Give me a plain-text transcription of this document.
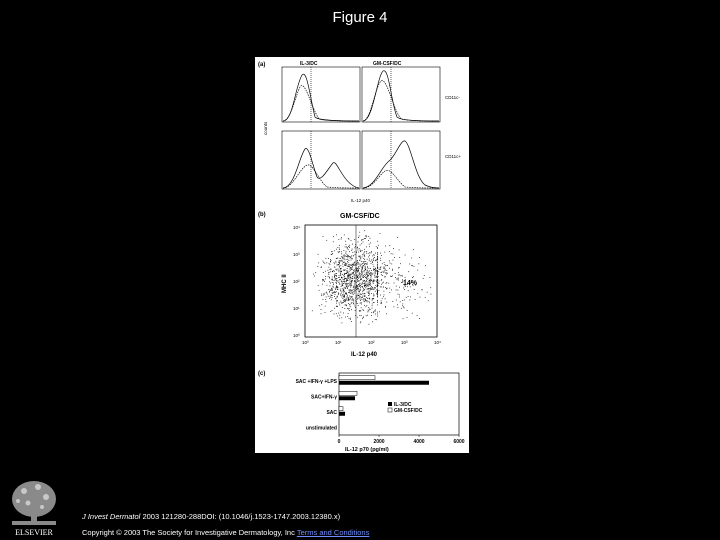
Figure 4
(a)	IL-3/DC	GM-CSF/DC
CD11c-
CD11c+
counts
IL-12 p40
(b)	GM-CSF/DC
14%
MHC II
IL-12 p40
10⁴
10³
10²
10¹
10⁰
10⁰	10¹	10²	10³	10⁴
(c)
SAC +IFN-γ +LPS
SAC+IFN-γ
SAC
unstimulated
0	2000	4000	6000
IL-12 p70 (pg/ml)
IL-3/DC
GM-CSF/DC
ELSEVIER
J Invest Dermatol 2003 121280-288DOI: (10.1046/j.1523-1747.2003.12380.x)
Copyright © 2003 The Society for Investigative Dermatology, Inc Terms and Conditions
